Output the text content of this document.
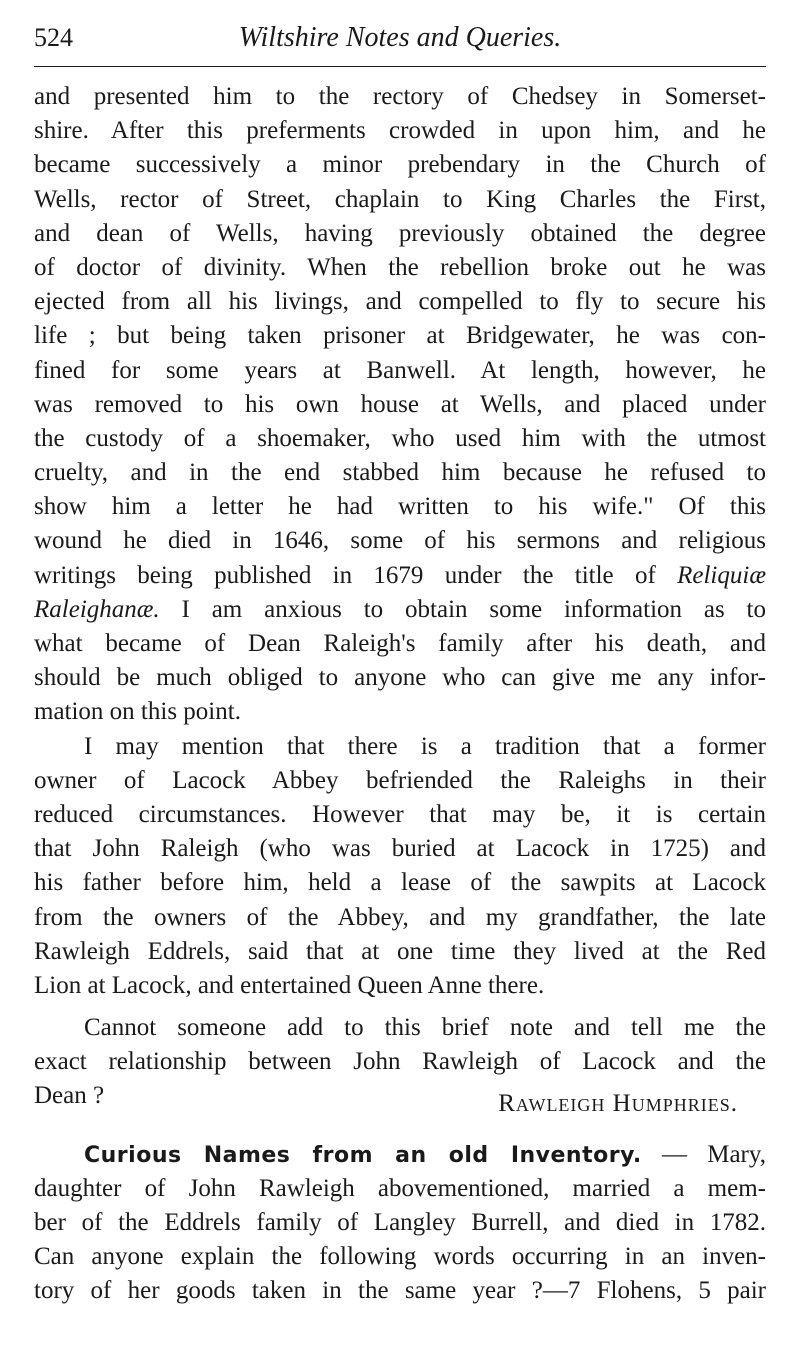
524	Wiltshire Notes and Queries.
and presented him to the rectory of Chedsey in Somerset-
shire. After this preferments crowded in upon him, and he
became successively a minor prebendary in the Church of
Wells, rector of Street, chaplain to King Charles the First,
and dean of Wells, having previously obtained the degree
of doctor of divinity. When the rebellion broke out he was
ejected from all his livings, and compelled to fly to secure his
life ; but being taken prisoner at Bridgewater, he was con-
fined for some years at Banwell. At length, however, he
was removed to his own house at Wells, and placed under
the custody of a shoemaker, who used him with the utmost
cruelty, and in the end stabbed him because he refused to
show him a letter he had written to his wife." Of this
wound he died in 1646, some of his sermons and religious
writings being published in 1679 under the title of Reliquiæ
Raleighanæ. I am anxious to obtain some information as to
what became of Dean Raleigh's family after his death, and
should be much obliged to anyone who can give me any infor-
mation on this point.
I may mention that there is a tradition that a former
owner of Lacock Abbey befriended the Raleighs in their
reduced circumstances. However that may be, it is certain
that John Raleigh (who was buried at Lacock in 1725) and
his father before him, held a lease of the sawpits at Lacock
from the owners of the Abbey, and my grandfather, the late
Rawleigh Eddrels, said that at one time they lived at the Red
Lion at Lacock, and entertained Queen Anne there.
Cannot someone add to this brief note and tell me the
exact relationship between John Rawleigh of Lacock and the
Dean ?	Rawleigh Humphries.
Curious Names from an old Inventory. — Mary,
daughter of John Rawleigh abovementioned, married a mem-
ber of the Eddrels family of Langley Burrell, and died in 1782.
Can anyone explain the following words occurring in an inven-
tory of her goods taken in the same year ?—7 Flohens, 5 pair
